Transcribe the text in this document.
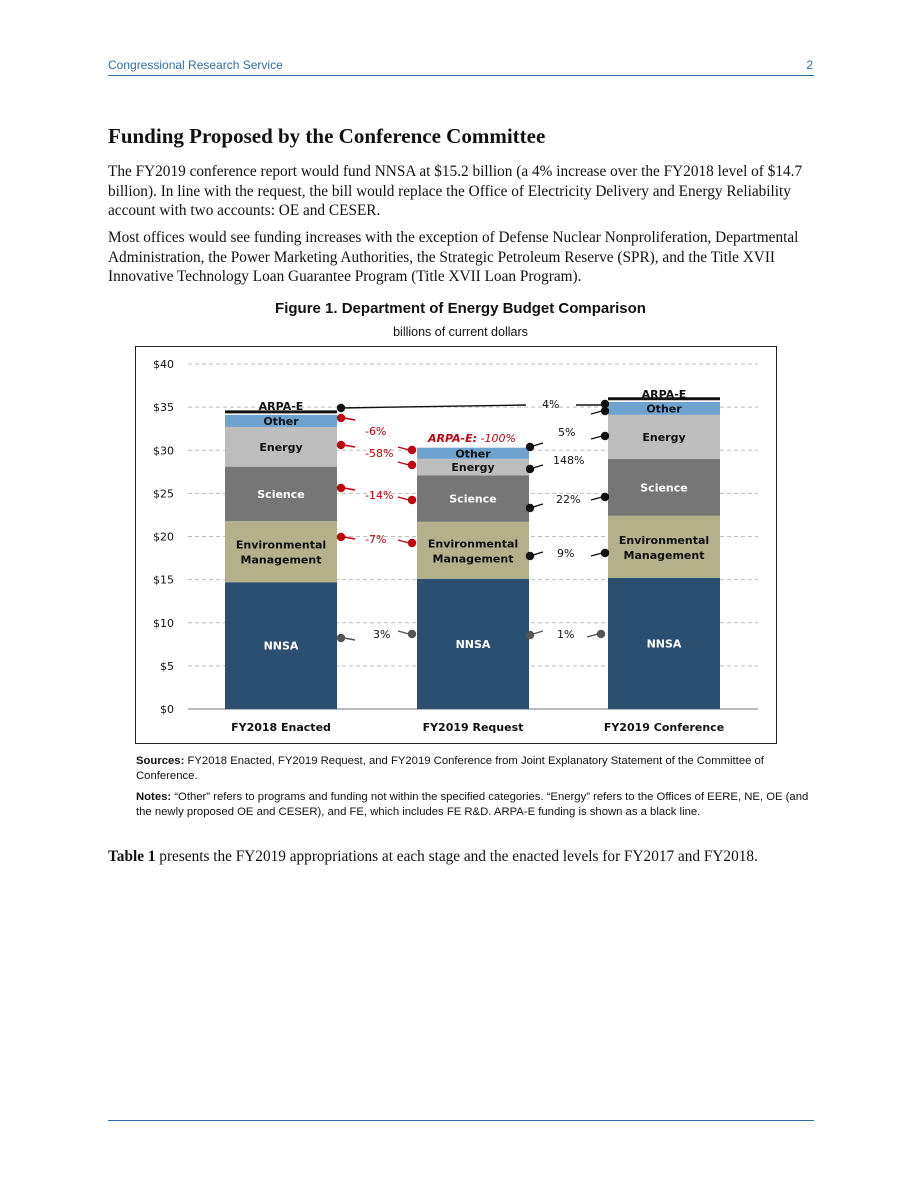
Congressional Research Service	2
Funding Proposed by the Conference Committee

The FY2019 conference report would fund NNSA at $15.2 billion (a 4% increase over the FY2018 level of $14.7 billion). In line with the request, the bill would replace the Office of Electricity Delivery and Energy Reliability account with two accounts: OE and CESER.

Most offices would see funding increases with the exception of Defense Nuclear Nonproliferation, Departmental Administration, the Power Marketing Authorities, the Strategic Petroleum Reserve (SPR), and the Title XVII Innovative Technology Loan Guarantee Program (Title XVII Loan Program).

Figure 1. Department of Energy Budget Comparison
billions of current dollars
$0
$5
$10
$15
$20
$25
$30
$35
$40
NNSA
Environmental
Management
Science
Energy
Other
FY2018 Enacted
NNSA
Environmental
Management
Science
Energy
Other
FY2019 Request
NNSA
Environmental
Management
Science
Energy
Other
FY2019 Conference
ARPA-E
ARPA-E
-6%
-58%
-14%
-7%
3%
ARPA-E: -100%
4%
5%
148%
22%
9%
1%

Sources: FY2018 Enacted, FY2019 Request, and FY2019 Conference from Joint Explanatory Statement of the Committee of Conference.

Notes: “Other” refers to programs and funding not within the specified categories. “Energy” refers to the Offices of EERE, NE, OE (and the newly proposed OE and CESER), and FE, which includes FE R&D. ARPA-E funding is shown as a black line.

Table 1 presents the FY2019 appropriations at each stage and the enacted levels for FY2017 and FY2018.
